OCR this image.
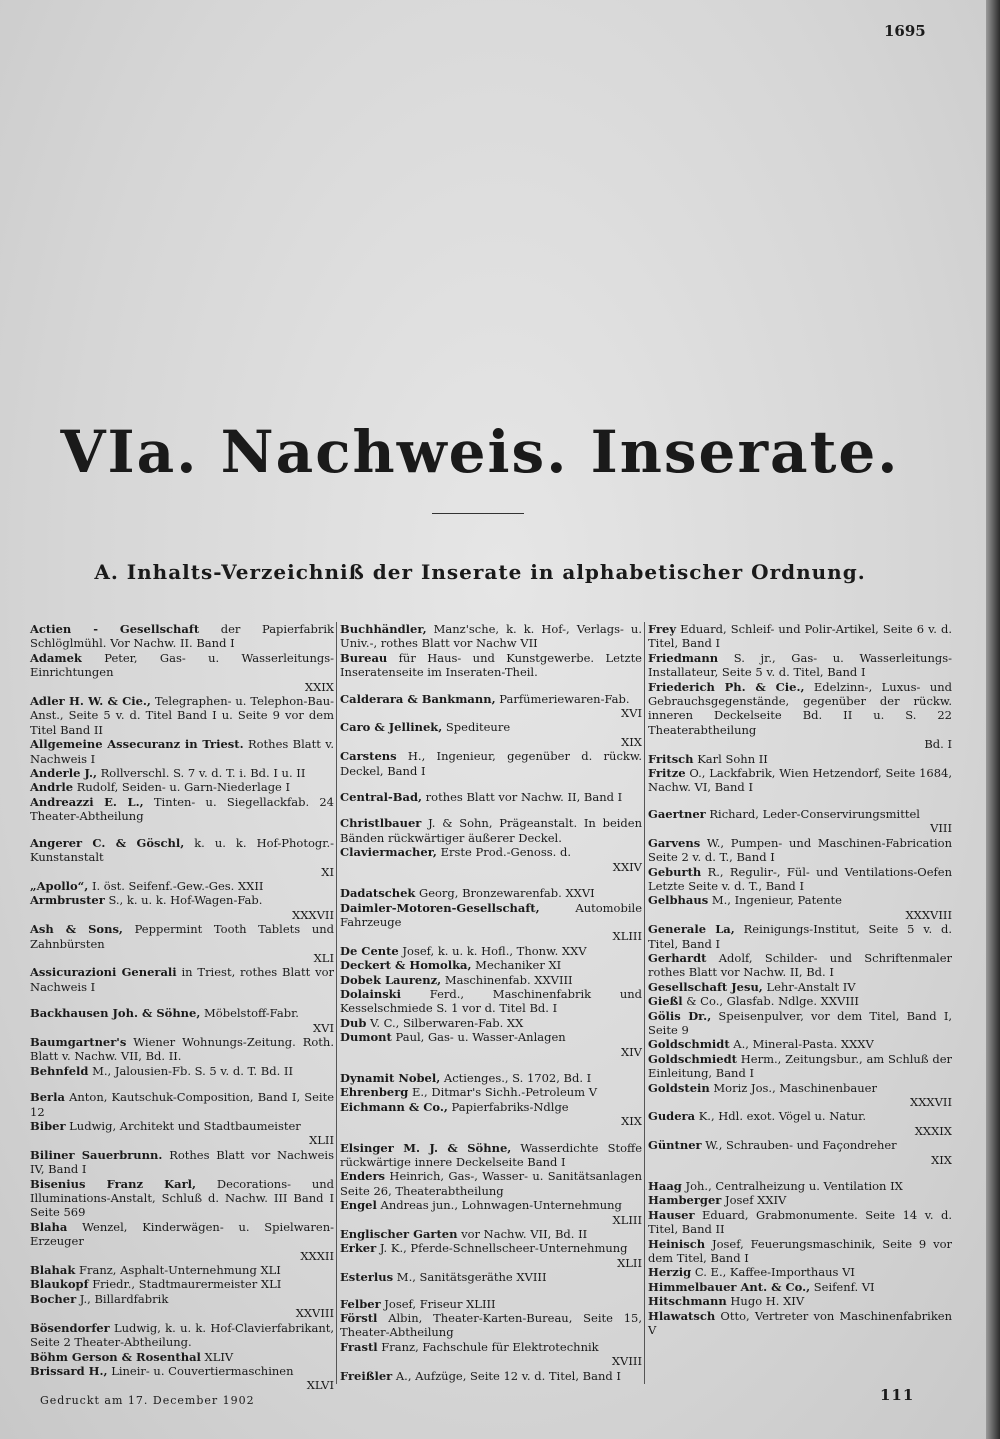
1695
VIa. Nachweis. Inserate.
A. Inhalts-Verzeichniß der Inserate in alphabetischer Ordnung.
Actien - Gesellschaft der Papierfabrik Schlöglmühl. Vor Nachw. II. Band I
Adamek Peter, Gas- u. Wasserleitungs-Einrichtungen
XXIX
Adler H. W. & Cie., Telegraphen- u. Telephon-Bau-Anst., Seite 5 v. d. Titel Band I u. Seite 9 vor dem Titel Band II
Allgemeine Assecuranz in Triest. Rothes Blatt v. Nachweis I
Anderle J., Rollverschl. S. 7 v. d. T. i. Bd. I u. II
Andrle Rudolf, Seiden- u. Garn-Niederlage I
Andreazzi E. L., Tinten- u. Siegellackfab. 24 Theater-Abtheilung
Angerer C. & Göschl, k. u. k. Hof-Photogr.-Kunstanstalt
XI
„Apollo“, I. öst. Seifenf.-Gew.-Ges. XXII
Armbruster S., k. u. k. Hof-Wagen-Fab.
XXXVII
Ash & Sons, Peppermint Tooth Tablets und Zahnbürsten
XLI
Assicurazioni Generali in Triest, rothes Blatt vor Nachweis I
Backhausen Joh. & Söhne, Möbelstoff-Fabr.
XVI
Baumgartner's Wiener Wohnungs-Zeitung. Roth. Blatt v. Nachw. VII, Bd. II.
Behnfeld M., Jalousien-Fb. S. 5 v. d. T. Bd. II
Berla Anton, Kautschuk-Composition, Band I, Seite 12
Biber Ludwig, Architekt und Stadtbaumeister
XLII
Biliner Sauerbrunn. Rothes Blatt vor Nachweis IV, Band I
Bisenius Franz Karl, Decorations- und Illuminations-Anstalt, Schluß d. Nachw. III Band I Seite 569
Blaha Wenzel, Kinderwägen- u. Spielwaren-Erzeuger
XXXII
Blahak Franz, Asphalt-Unternehmung XLI
Blaukopf Friedr., Stadtmaurermeister XLI
Bocher J., Billardfabrik
XXVIII
Bösendorfer Ludwig, k. u. k. Hof-Clavierfabrikant, Seite 2 Theater-Abtheilung.
Böhm Gerson & Rosenthal XLIV
Brissard H., Lineir- u. Couvertiermaschinen
XLVI
Buchhändler, Manz'sche, k. k. Hof-, Verlags- u. Univ.-, rothes Blatt vor Nachw VII
Bureau für Haus- und Kunstgewerbe. Letzte Inseratenseite im Inseraten-Theil.
Calderara & Bankmann, Parfümeriewaren-Fab.
XVI
Caro & Jellinek, Spediteure
XIX
Carstens H., Ingenieur, gegenüber d. rückw. Deckel, Band I
Central-Bad, rothes Blatt vor Nachw. II, Band I
Christlbauer J. & Sohn, Prägeanstalt. In beiden Bänden rückwärtiger äußerer Deckel.
Claviermacher, Erste Prod.-Genoss. d.
XXIV
Dadatschek Georg, Bronzewarenfab. XXVI
Daimler-Motoren-Gesellschaft,	Automobile Fahrzeuge
XLIII
De Cente Josef, k. u. k. Hofl., Thonw. XXV
Deckert & Homolka, Mechaniker XI
Dobek Laurenz, Maschinenfab. XXVIII
Dolainski Ferd., Maschinenfabrik und Kesselschmiede S. 1 vor d. Titel Bd. I
Dub V. C., Silberwaren-Fab. XX
Dumont Paul, Gas- u. Wasser-Anlagen
XIV
Dynamit Nobel, Actienges., S. 1702, Bd. I
Ehrenberg E., Ditmar's Sichh.-Petroleum V
Eichmann & Co., Papierfabriks-Ndlge
XIX
Elsinger M. J. & Söhne, Wasserdichte Stoffe rückwärtige innere Deckelseite Band I
Enders Heinrich, Gas-, Wasser- u. Sanitätsanlagen Seite 26, Theaterabtheilung
Engel Andreas jun., Lohnwagen-Unternehmung
XLIII
Englischer Garten vor Nachw. VII, Bd. II
Erker J. K., Pferde-Schnellscheer-Unternehmung
XLII
Esterlus M., Sanitätsgeräthe XVIII
Felber Josef, Friseur XLIII
Förstl Albin, Theater-Karten-Bureau, Seite 15, Theater-Abtheilung
Frastl Franz, Fachschule für Elektrotechnik
XVIII
Freißler A., Aufzüge, Seite 12 v. d. Titel, Band I
Frey Eduard, Schleif- und Polir-Artikel, Seite 6 v. d. Titel, Band I
Friedmann S. jr., Gas- u. Wasserleitungs-Installateur, Seite 5 v. d. Titel, Band I
Friederich Ph. & Cie., Edelzinn-, Luxus- und Gebrauchsgegenstände, gegenüber der rückw. inneren Deckelseite Bd. II u. S. 22 Theaterabtheilung
Bd. I
Fritsch Karl Sohn II
Fritze O., Lackfabrik, Wien Hetzendorf, Seite 1684, Nachw. VI, Band I
Gaertner Richard, Leder-Conservirungsmittel
VIII
Garvens W., Pumpen- und Maschinen-Fabrication Seite 2 v. d. T., Band I
Geburth R., Regulir-, Fül- und Ventilations-Oefen Letzte Seite v. d. T., Band I
Gelbhaus M., Ingenieur, Patente
XXXVIII
Generale La, Reinigungs-Institut, Seite 5 v. d. Titel, Band I
Gerhardt Adolf, Schilder- und Schriftenmaler rothes Blatt vor Nachw. II, Bd. I
Gesellschaft Jesu, Lehr-Anstalt IV
Gießl & Co., Glasfab. Ndlge. XXVIII
Gölis Dr., Speisenpulver, vor dem Titel, Band I, Seite 9
Goldschmidt A., Mineral-Pasta. XXXV
Goldschmiedt Herm., Zeitungsbur., am Schluß der Einleitung, Band I
Goldstein Moriz Jos., Maschinenbauer
XXXVII
Gudera K., Hdl. exot. Vögel u. Natur.
XXXIX
Güntner W., Schrauben- und Façondreher
XIX
Haag Joh., Centralheizung u. Ventilation IX
Hamberger Josef XXIV
Hauser Eduard, Grabmonumente. Seite 14 v. d. Titel, Band II
Heinisch Josef, Feuerungsmaschinik, Seite 9 vor dem Titel, Band I
Herzig C. E., Kaffee-Importhaus VI
Himmelbauer Ant. & Co., Seifenf. VI
Hitschmann Hugo H. XIV
Hlawatsch Otto, Vertreter von Maschinenfabriken V
Gedruckt am 17. December 1902	111
